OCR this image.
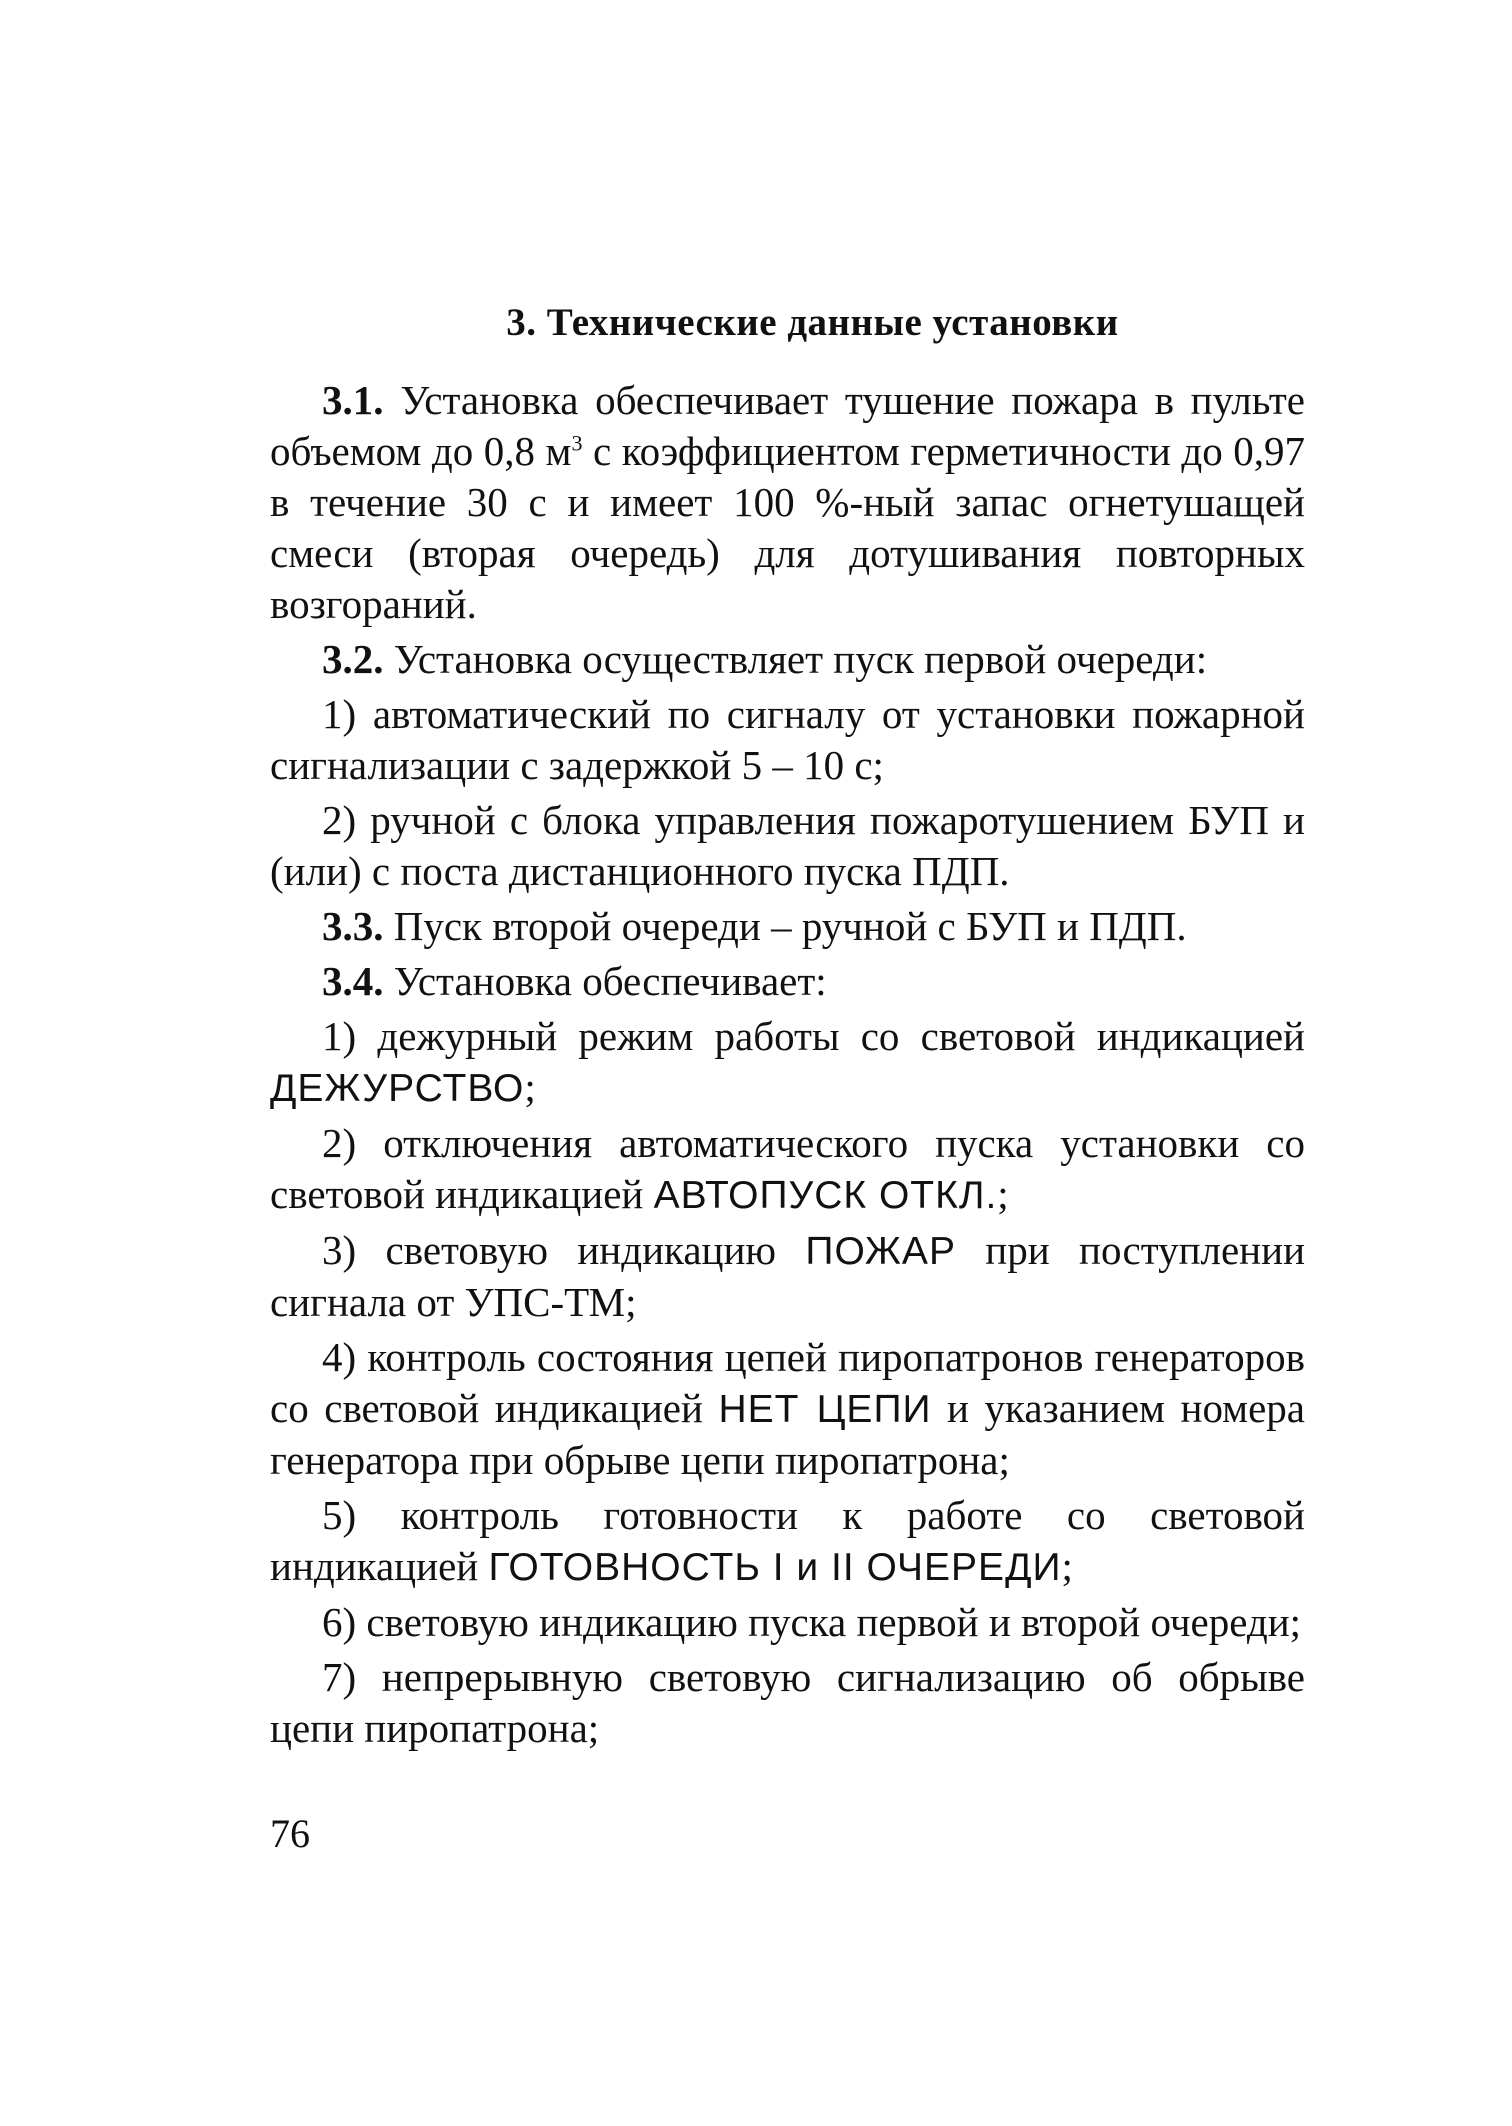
3. Технические данные установки

3.1. Установка обеспечивает тушение пожара в пульте объемом до 0,8 $м^3$ с коэффициентом герметичности до 0,97 в течение 30 с и имеет 100 %-ный запас огнетушащей смеси (вторая очередь) для дотушивания повторных возгораний.

3.2. Установка осуществляет пуск первой очереди:

1) автоматический по сигналу от установки пожарной сигнализации с задержкой 5 – 10 с;

2) ручной с блока управления пожаротушением БУП и (или) с поста дистанционного пуска ПДП.

3.3. Пуск второй очереди – ручной с БУП и ПДП.

3.4. Установка обеспечивает:

1) дежурный режим работы со световой индикацией ДЕЖУРСТВО;

2) отключения автоматического пуска установки со световой индикацией АВТОПУСК ОТКЛ.;

3) световую индикацию ПОЖАР при поступлении сигнала от УПС-ТМ;

4) контроль состояния цепей пиропатронов генераторов со световой индикацией НЕТ ЦЕПИ и указанием номера генератора при обрыве цепи пиропатрона;

5) контроль готовности к работе со световой индикацией ГОТОВНОСТЬ I и II ОЧЕРЕДИ;

6) световую индикацию пуска первой и второй очереди;

7) непрерывную световую сигнализацию об обрыве цепи пиропатрона;

76
